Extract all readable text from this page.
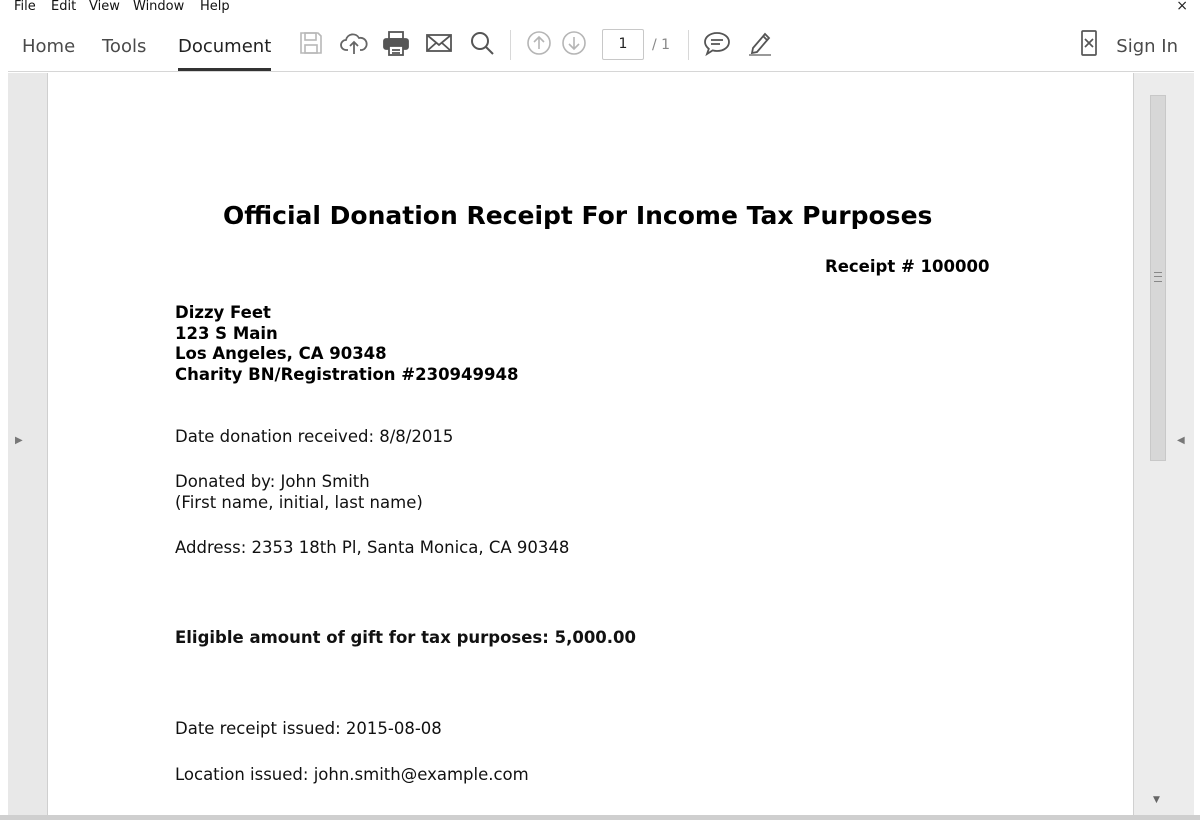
File Edit View Window Help	×
Home Tools Document	1	/ 1	Sign In
▶
Official Donation Receipt For Income Tax Purposes
Receipt # 100000
Dizzy Feet
123 S Main
Los Angeles, CA 90348
Charity BN/Registration #230949948
Date donation received: 8/8/2015
Donated by: John Smith
(First name, initial, last name)
Address: 2353 18th Pl, Santa Monica, CA 90348
Eligible amount of gift for tax purposes: 5,000.00
Date receipt issued: 2015-08-08
Location issued: john.smith@example.com
◀
▼
